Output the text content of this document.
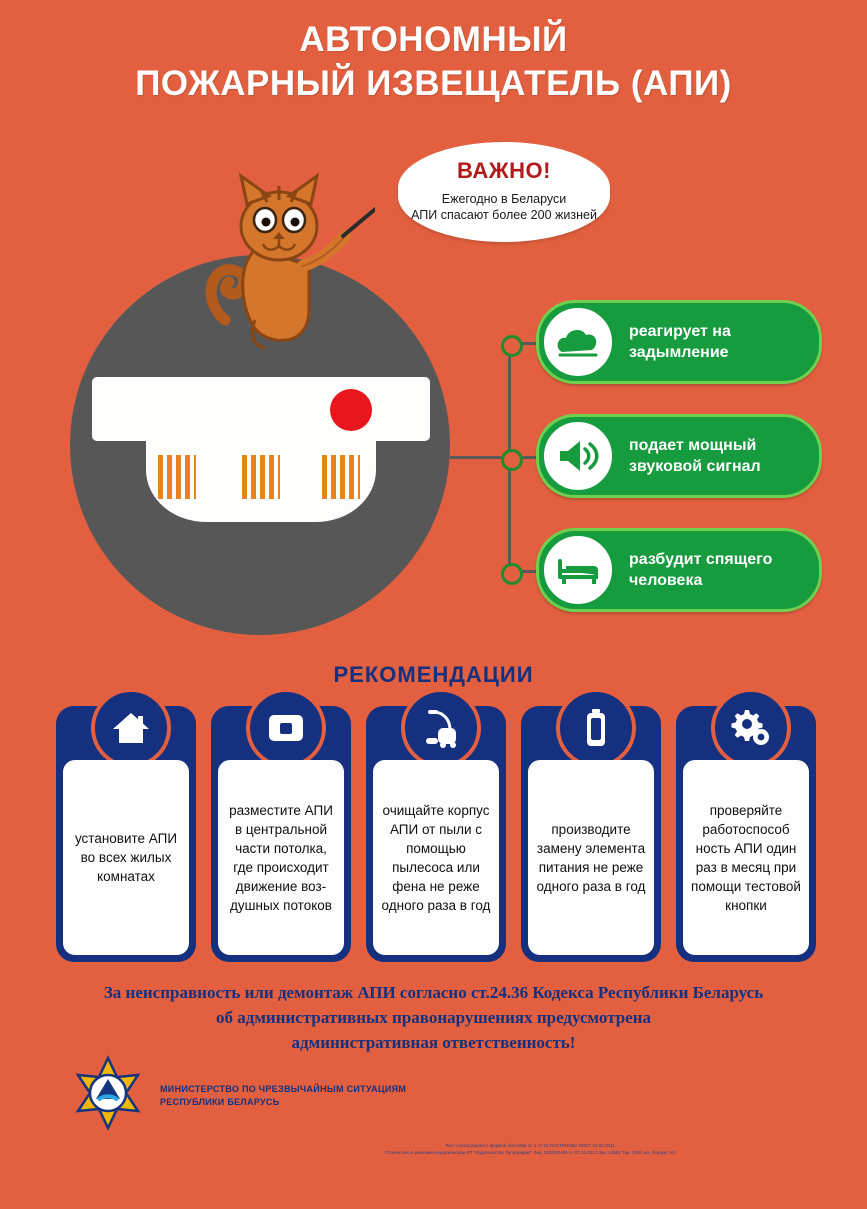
АВТОНОМНЫЙ
ПОЖАРНЫЙ ИЗВЕЩАТЕЛЬ (АПИ)
ВАЖНО!
Ежегодно в Беларуси
АПИ спасают более 200 жизней
реагирует на
задымление
подает мощный
звуковой сигнал
разбудит спящего
человека
РЕКОМЕНДАЦИИ
установите АПИ во всех жилых комнатах
разместите АПИ в центральной части потолка, где происходит движение воз-душных потоков
очищайте корпус АПИ от пыли с помощью пылесоса или фена не реже одного раза в год
производите замену элемента питания не реже одного раза в год
проверяйте работоспособ ность АПИ один раз в месяц при помощи тестовой кнопки
За неисправность или демонтаж АПИ согласно ст.24.36 Кодекса Республики Беларусь
об административных правонарушениях предусмотрена
административная ответственность!
МИНИСТЕРСТВО ПО ЧРЕЗВЫЧАЙНЫМ СИТУАЦИЯМ
РЕСПУБЛИКИ БЕЛАРУСЬ
Лист согласования с формой листовки ст. 1 от 22 ПАСТЯНОВА ПОСТ 02.02.2011
Отпечатано в рекламно-издательском УП "Издательство Типография" Лиц. 02330/0456 от 07.12.2013 Зак. 14582 Тир. 1000 экз. Формат А3
